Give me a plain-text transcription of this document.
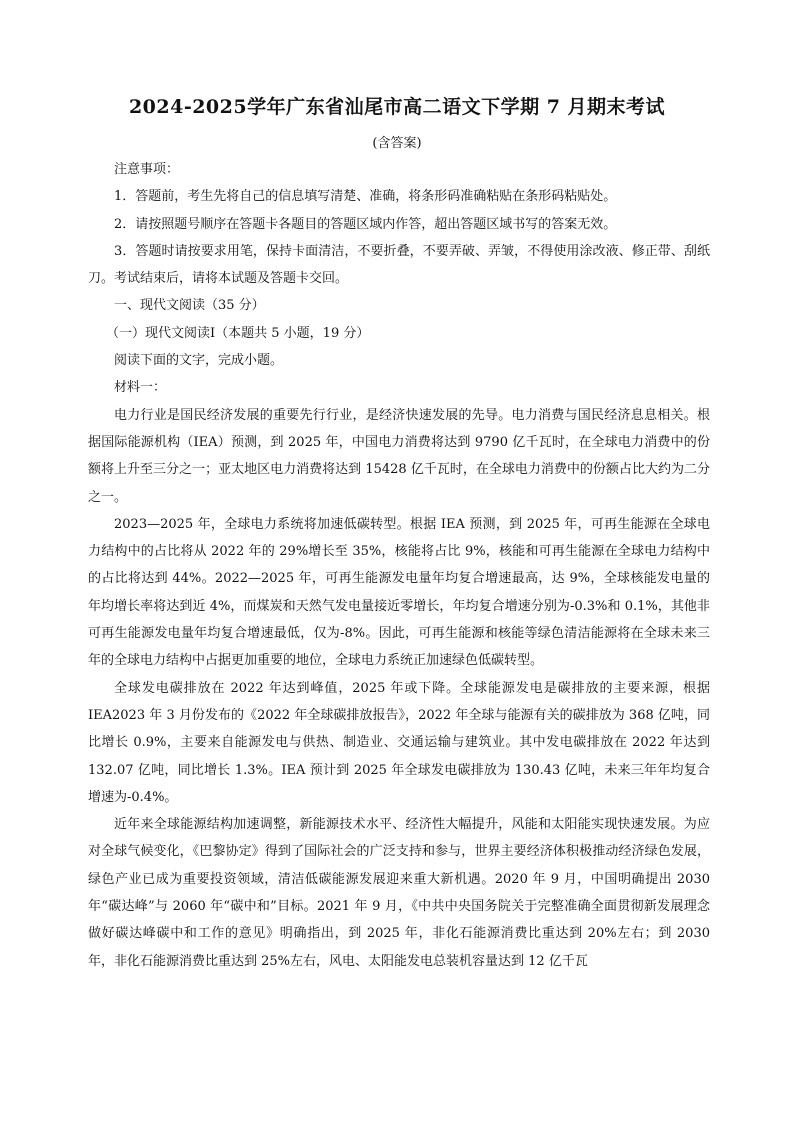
2024-2025学年广东省汕尾市高二语文下学期 7 月期末考试
(含答案)

注意事项：

1．答题前，考生先将自己的信息填写清楚、准确，将条形码准确粘贴在条形码粘贴处。

2．请按照题号顺序在答题卡各题目的答题区域内作答，超出答题区域书写的答案无效。

3．答题时请按要求用笔，保持卡面清洁，不要折叠，不要弄破、弄皱，不得使用涂改液、修正带、刮纸刀。考试结束后，请将本试题及答题卡交回。

一、现代文阅读（35 分）

（一）现代文阅读Ⅰ（本题共 5 小题，19 分）

阅读下面的文字，完成小题。

材料一：

电力行业是国民经济发展的重要先行行业，是经济快速发展的先导。电力消费与国民经济息息相关。根据国际能源机构（IEA）预测，到 2025 年，中国电力消费将达到 9790 亿千瓦时，在全球电力消费中的份额将上升至三分之一；亚太地区电力消费将达到 15428 亿千瓦时，在全球电力消费中的份额占比大约为二分之一。

2023—2025 年，全球电力系统将加速低碳转型。根据 IEA 预测，到 2025 年，可再生能源在全球电力结构中的占比将从 2022 年的 29%增长至 35%，核能将占比 9%，核能和可再生能源在全球电力结构中的占比将达到 44%。2022—2025 年，可再生能源发电量年均复合增速最高，达 9%，全球核能发电量的年均增长率将达到近 4%，而煤炭和天然气发电量接近零增长，年均复合增速分别为-0.3%和 0.1%，其他非可再生能源发电量年均复合增速最低，仅为-8%。因此，可再生能源和核能等绿色清洁能源将在全球未来三年的全球电力结构中占据更加重要的地位，全球电力系统正加速绿色低碳转型。

全球发电碳排放在 2022 年达到峰值，2025 年或下降。全球能源发电是碳排放的主要来源，根据 IEA2023 年 3 月份发布的《2022 年全球碳排放报告》，2022 年全球与能源有关的碳排放为 368 亿吨，同比增长 0.9%，主要来自能源发电与供热、制造业、交通运输与建筑业。其中发电碳排放在 2022 年达到 132.07 亿吨，同比增长 1.3%。IEA 预计到 2025 年全球发电碳排放为 130.43 亿吨，未来三年年均复合增速为-0.4%。

近年来全球能源结构加速调整，新能源技术水平、经济性大幅提升，风能和太阳能实现快速发展。为应对全球气候变化，《巴黎协定》得到了国际社会的广泛支持和参与，世界主要经济体积极推动经济绿色发展，绿色产业已成为重要投资领域，清洁低碳能源发展迎来重大新机遇。2020 年 9 月，中国明确提出 2030 年“碳达峰”与 2060 年“碳中和”目标。2021 年 9 月，《中共中央国务院关于完整准确全面贯彻新发展理念做好碳达峰碳中和工作的意见》明确指出，到 2025 年，非化石能源消费比重达到 20%左右；到 2030 年，非化石能源消费比重达到 25%左右，风电、太阳能发电总装机容量达到 12 亿千瓦
